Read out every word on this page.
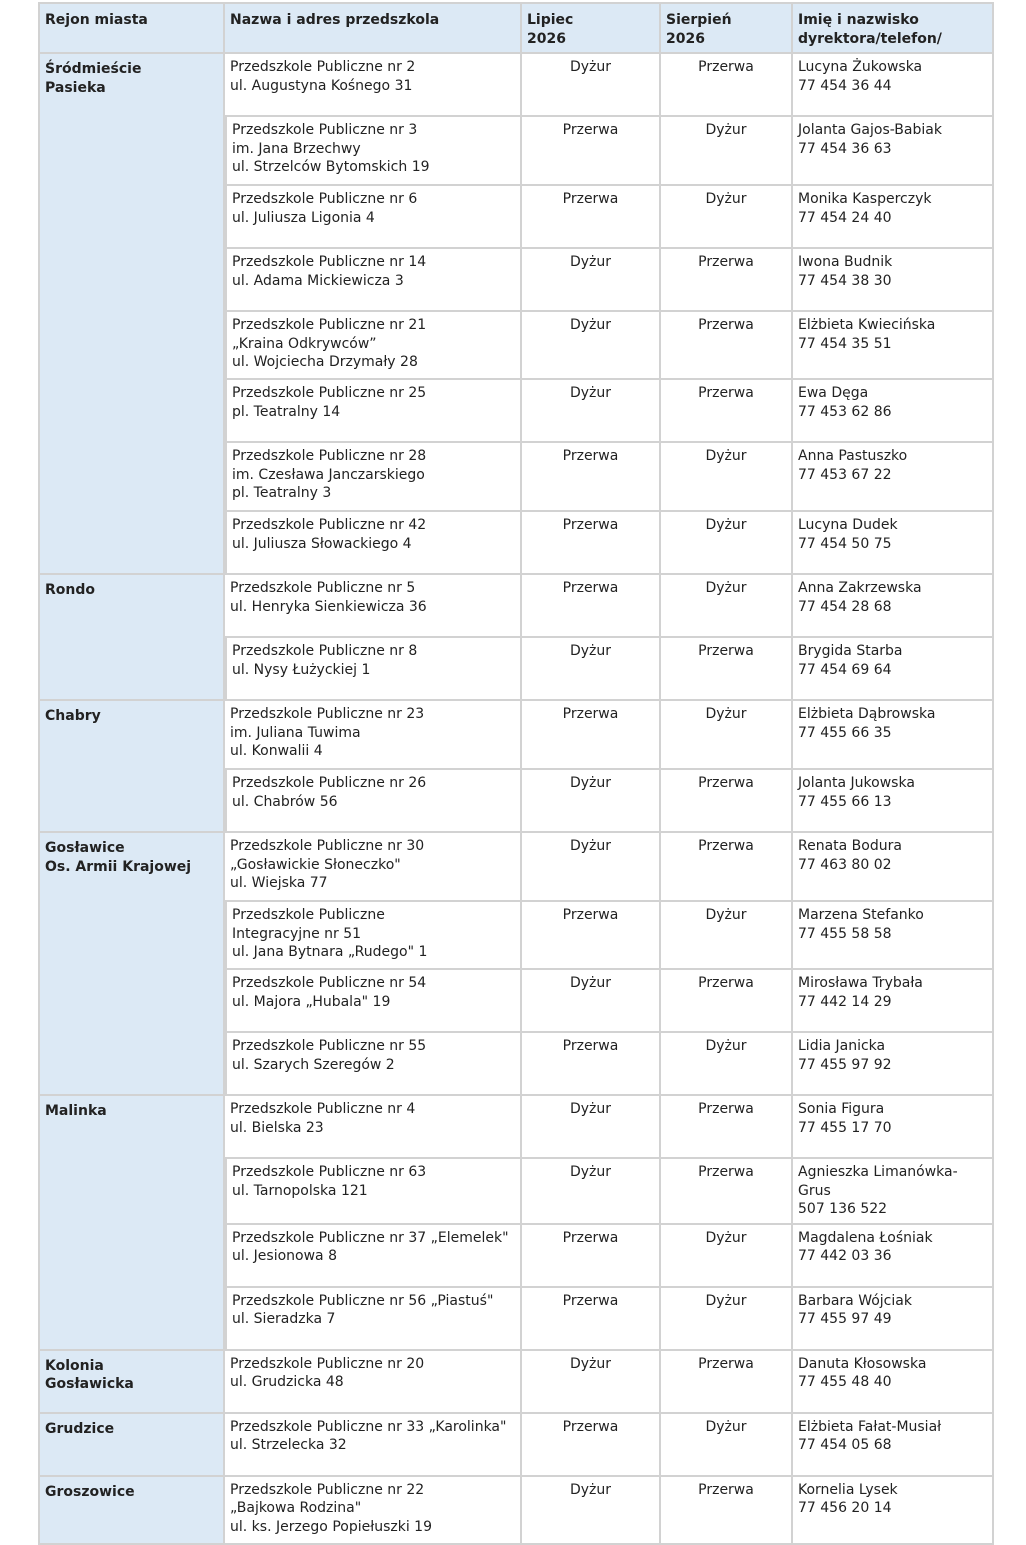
Rejon miasta	Nazwa i adres przedszkola	Lipiec
2026	Sierpień
2026	Imię i nazwisko
dyrektora/telefon/

Śródmieście
Pasieka	Przedszkole Publiczne nr 2
ul. Augustyna Kośnego 31	Dyżur	Przerwa	Lucyna Żukowska
77 454 36 44

	Przedszkole Publiczne nr 3
im. Jana Brzechwy
ul. Strzelców Bytomskich 19	Przerwa	Dyżur	Jolanta Gajos-Babiak
77 454 36 63

	Przedszkole Publiczne nr 6
ul. Juliusza Ligonia 4	Przerwa	Dyżur	Monika Kasperczyk
77 454 24 40

	Przedszkole Publiczne nr 14
ul. Adama Mickiewicza 3	Dyżur	Przerwa	Iwona Budnik
77 454 38 30

	Przedszkole Publiczne nr 21
„Kraina Odkrywców”
ul. Wojciecha Drzymały 28	Dyżur	Przerwa	Elżbieta Kwiecińska
77 454 35 51

	Przedszkole Publiczne nr 25
pl. Teatralny 14	Dyżur	Przerwa	Ewa Dęga
77 453 62 86

	Przedszkole Publiczne nr 28
im. Czesława Janczarskiego
pl. Teatralny 3	Przerwa	Dyżur	Anna Pastuszko
77 453 67 22

	Przedszkole Publiczne nr 42
ul. Juliusza Słowackiego 4	Przerwa	Dyżur	Lucyna Dudek
77 454 50 75

Rondo	Przedszkole Publiczne nr 5
ul. Henryka Sienkiewicza 36	Przerwa	Dyżur	Anna Zakrzewska
77 454 28 68

	Przedszkole Publiczne nr 8
ul. Nysy Łużyckiej 1	Dyżur	Przerwa	Brygida Starba
77 454 69 64

Chabry	Przedszkole Publiczne nr 23
im. Juliana Tuwima
ul. Konwalii 4	Przerwa	Dyżur	Elżbieta Dąbrowska
77 455 66 35

	Przedszkole Publiczne nr 26
ul. Chabrów 56	Dyżur	Przerwa	Jolanta Jukowska
77 455 66 13

Gosławice
Os. Armii Krajowej	Przedszkole Publiczne nr 30
„Gosławickie Słoneczko"
ul. Wiejska 77	Dyżur	Przerwa	Renata Bodura
77 463 80 02

	Przedszkole Publiczne
Integracyjne nr 51
ul. Jana Bytnara „Rudego" 1	Przerwa	Dyżur	Marzena Stefanko
77 455 58 58

	Przedszkole Publiczne nr 54
ul. Majora „Hubala" 19	Dyżur	Przerwa	Mirosława Trybała
77 442 14 29

	Przedszkole Publiczne nr 55
ul. Szarych Szeregów 2	Przerwa	Dyżur	Lidia Janicka
77 455 97 92

Malinka	Przedszkole Publiczne nr 4
ul. Bielska 23	Dyżur	Przerwa	Sonia Figura
77 455 17 70

	Przedszkole Publiczne nr 63
ul. Tarnopolska 121	Dyżur	Przerwa	Agnieszka Limanówka-Grus
507 136 522

	Przedszkole Publiczne nr 37 „Elemelek"
ul. Jesionowa 8	Przerwa	Dyżur	Magdalena Łośniak
77 442 03 36

	Przedszkole Publiczne nr 56 „Piastuś"
ul. Sieradzka 7	Przerwa	Dyżur	Barbara Wójciak
77 455 97 49

Kolonia
Gosławicka	Przedszkole Publiczne nr 20
ul. Grudzicka 48	Dyżur	Przerwa	Danuta Kłosowska
77 455 48 40

Grudzice	Przedszkole Publiczne nr 33 „Karolinka"
ul. Strzelecka 32	Przerwa	Dyżur	Elżbieta Fałat-Musiał
77 454 05 68

Groszowice	Przedszkole Publiczne nr 22
„Bajkowa Rodzina"
ul. ks. Jerzego Popiełuszki 19	Dyżur	Przerwa	Kornelia Lysek
77 456 20 14
